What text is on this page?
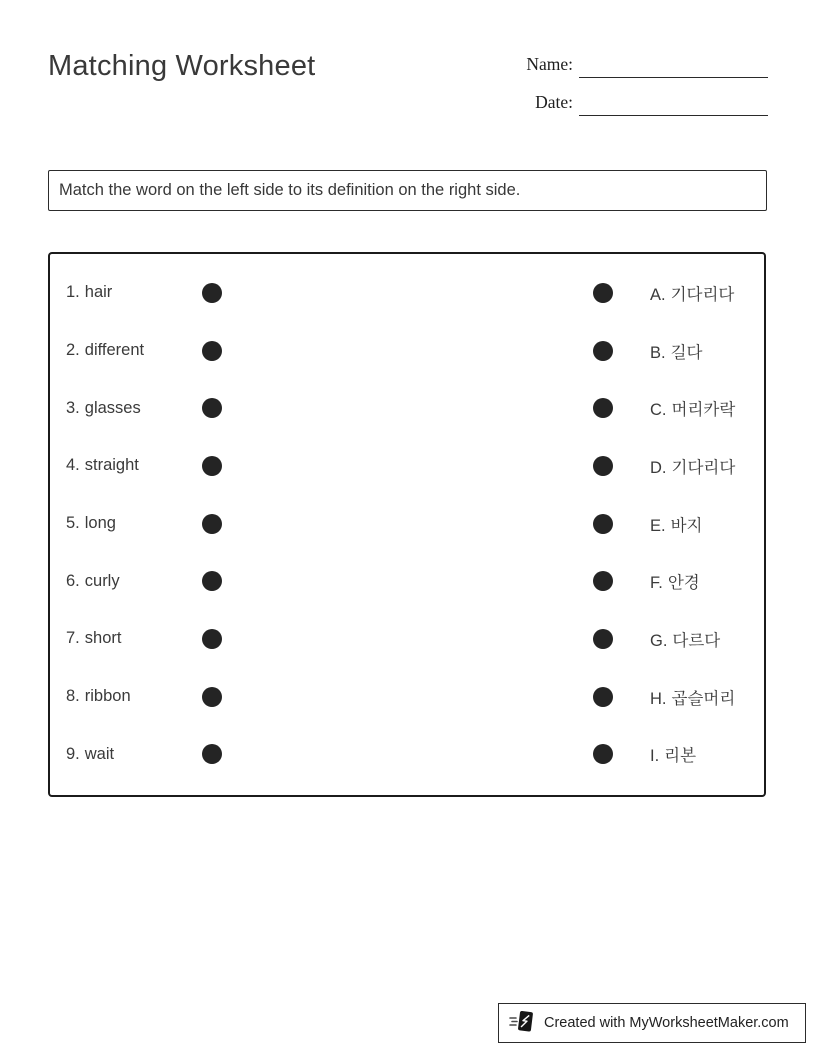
Matching Worksheet	Name:
Date:
Match the word on the left side to its definition on the right side.
1. hair	A. 기다리다
2. different	B. 길다
3. glasses	C. 머리카락
4. straight	D. 기다리다
5. long	E. 바지
6. curly	F. 안경
7. short	G. 다르다
8. ribbon	H. 곱슬머리
9. wait	I. 리본
Created with MyWorksheetMaker.com
